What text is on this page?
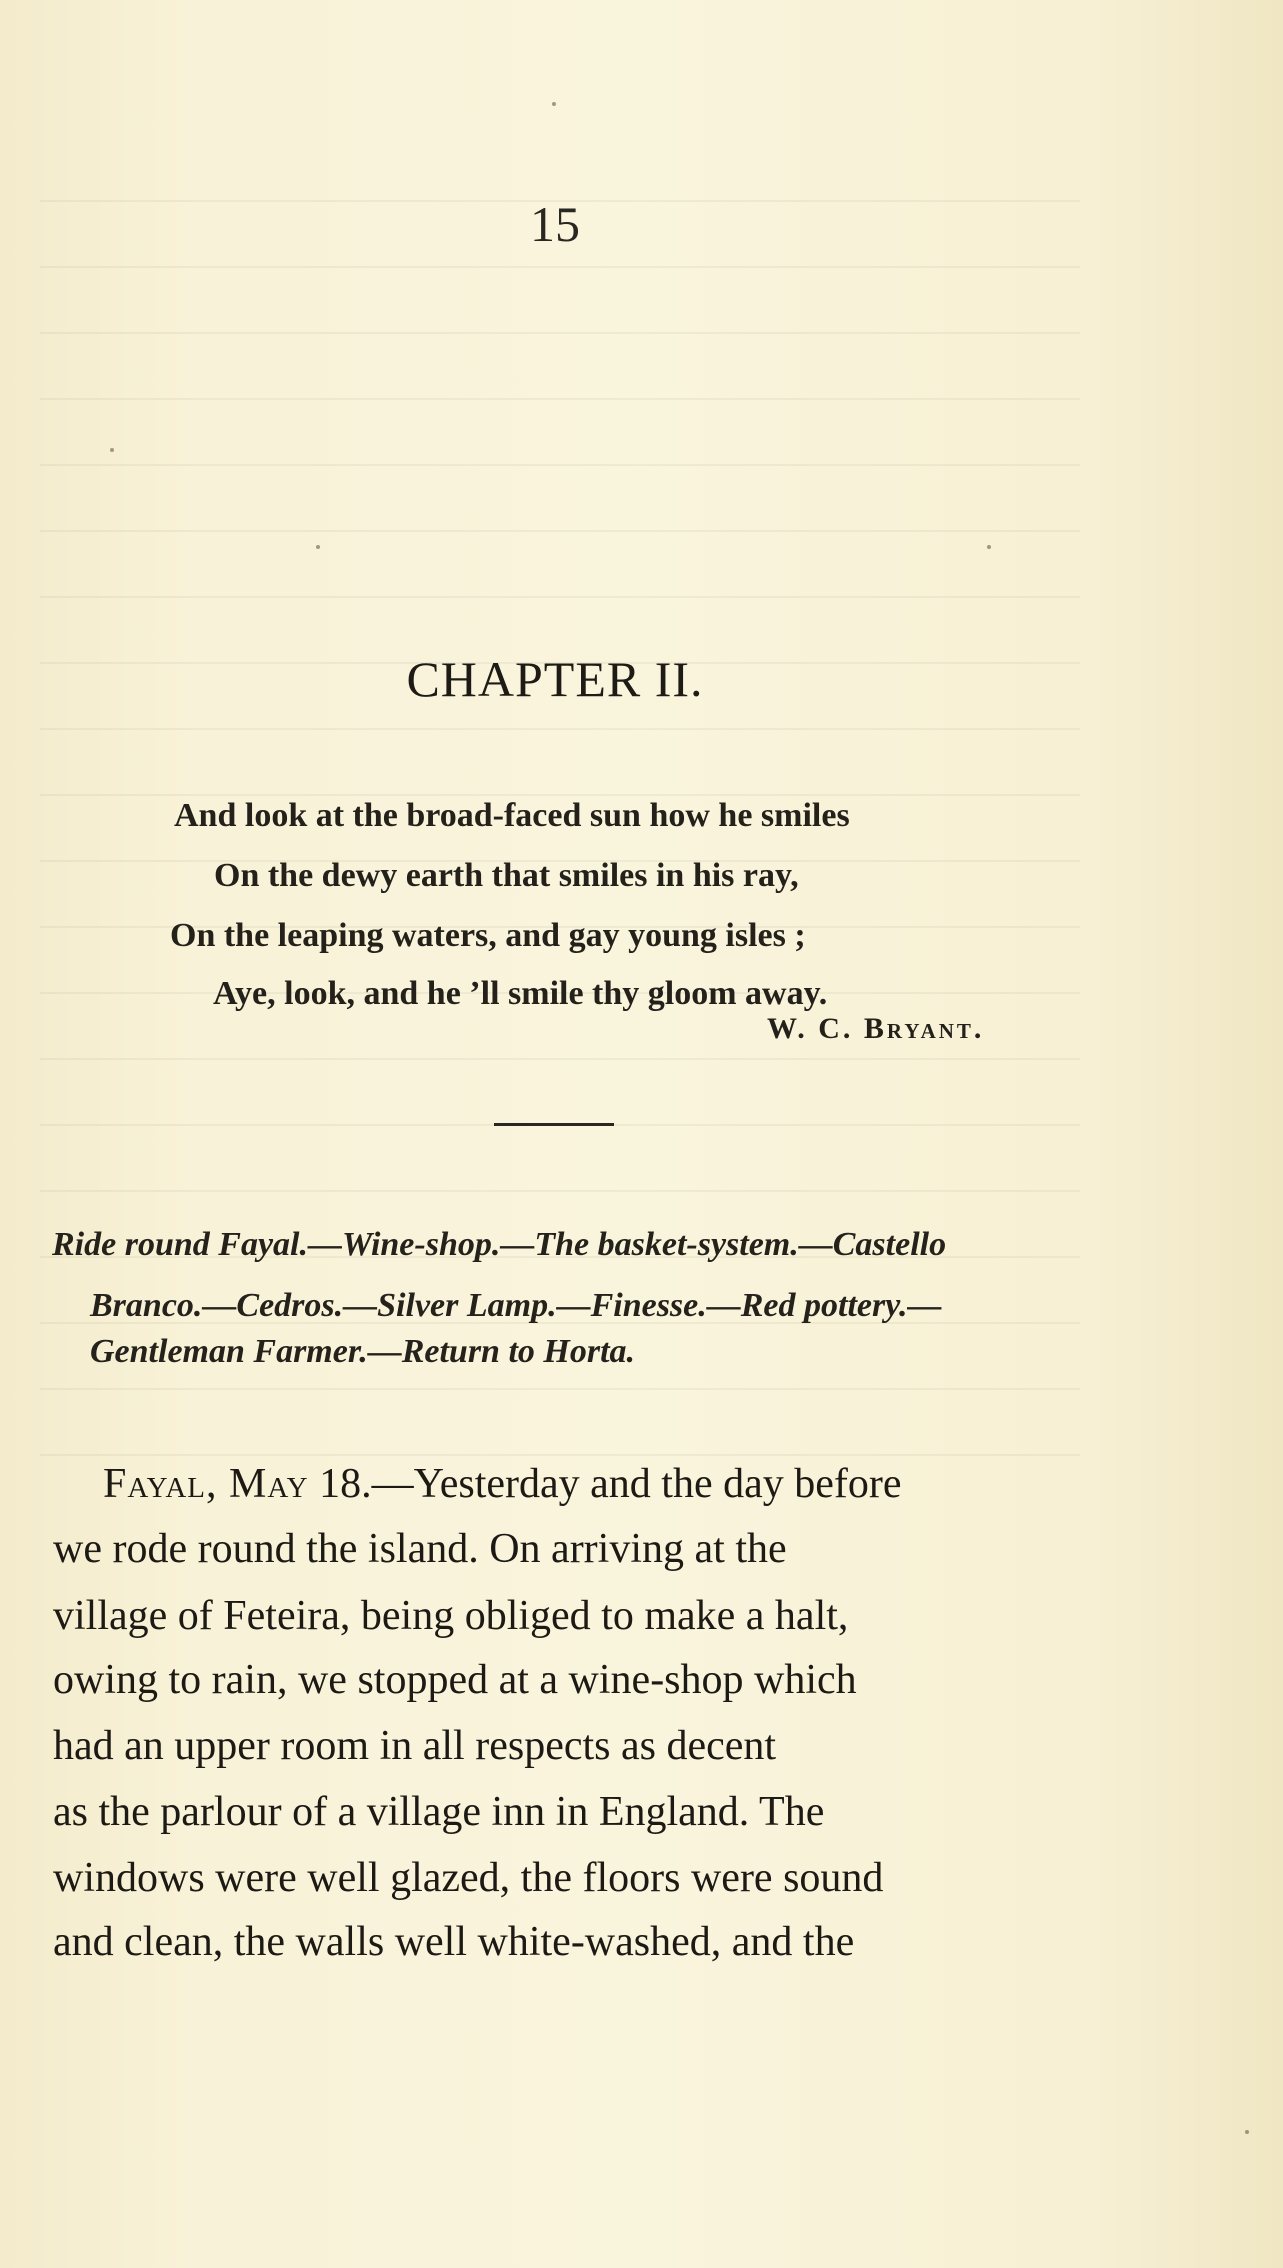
15
CHAPTER II.
And look at the broad-faced sun how he smiles
On the dewy earth that smiles in his ray,
On the leaping waters, and gay young isles ;
Aye, look, and he ’ll smile thy gloom away.
W. C. Bryant.
Ride round Fayal.—Wine-shop.—The basket-system.—Castello
Branco.—Cedros.—Silver Lamp.—Finesse.—Red pottery.—
Gentleman Farmer.—Return to Horta.
Fayal, May 18.—Yesterday and the day before
we rode round the island. On arriving at the
village of Feteira, being obliged to make a halt,
owing to rain, we stopped at a wine-shop which
had an upper room in all respects as decent
as the parlour of a village inn in England. The
windows were well glazed, the floors were sound
and clean, the walls well white-washed, and the
